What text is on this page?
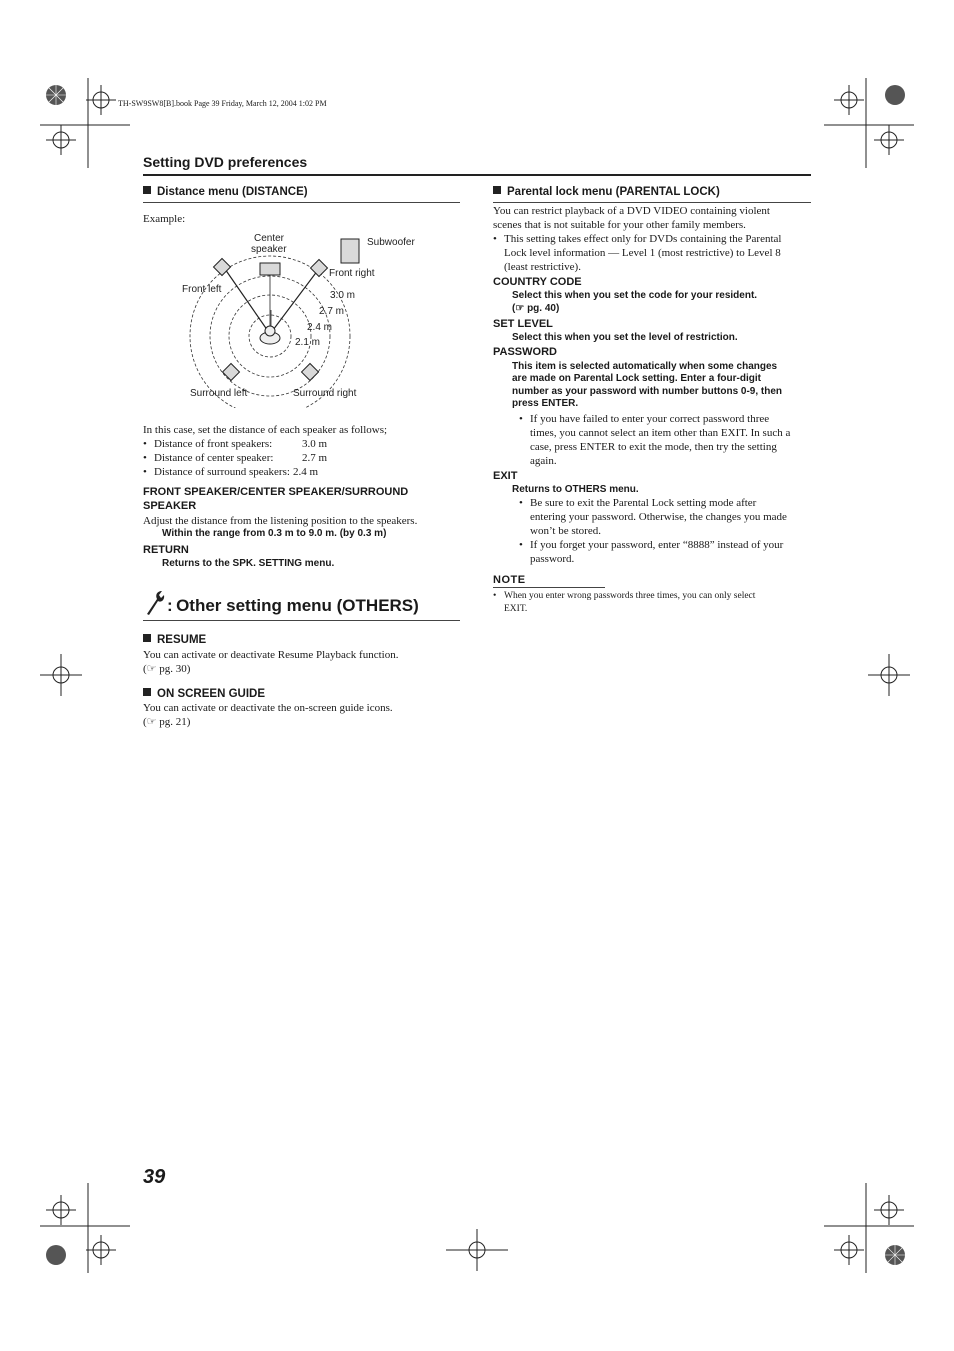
TH-SW9SW8[B].book Page 39 Friday, March 12, 2004 1:02 PM
Setting DVD preferences
Distance menu (DISTANCE)
Example:
Center
speaker
Subwoofer
Front left
Front right
3.0 m
2.7 m
2.4 m
2.1 m
Surround left	Surround right
In this case, set the distance of each speaker as follows;
• Distance of front speakers:	3.0 m
• Distance of center speaker:	2.7 m
• Distance of surround speakers: 2.4 m
FRONT SPEAKER/CENTER SPEAKER/SURROUND
SPEAKER
Adjust the distance from the listening position to the speakers.
Within the range from 0.3 m to 9.0 m. (by 0.3 m)
RETURN
Returns to the SPK. SETTING menu.
: Other setting menu (OTHERS)
RESUME
You can activate or deactivate Resume Playback function.
(☞ pg. 30)
ON SCREEN GUIDE
You can activate or deactivate the on-screen guide icons.
(☞ pg. 21)
Parental lock menu (PARENTAL LOCK)
You can restrict playback of a DVD VIDEO containing violent
scenes that is not suitable for your other family members.
• This setting takes effect only for DVDs containing the Parental
Lock level information — Level 1 (most restrictive) to Level 8
(least restrictive).
COUNTRY CODE
Select this when you set the code for your resident.
(☞ pg. 40)
SET LEVEL
Select this when you set the level of restriction.
PASSWORD
This item is selected automatically when some changes
are made on Parental Lock setting. Enter a four-digit
number as your password with number buttons 0-9, then
press ENTER.
• If you have failed to enter your correct password three
times, you cannot select an item other than EXIT. In such a
case, press ENTER to exit the mode, then try the setting
again.
EXIT
Returns to OTHERS menu.
• Be sure to exit the Parental Lock setting mode after
entering your password. Otherwise, the changes you made
won’t be stored.
• If you forget your password, enter “8888” instead of your
password.
NOTE
• When you enter wrong passwords three times, you can only select
EXIT.
39
